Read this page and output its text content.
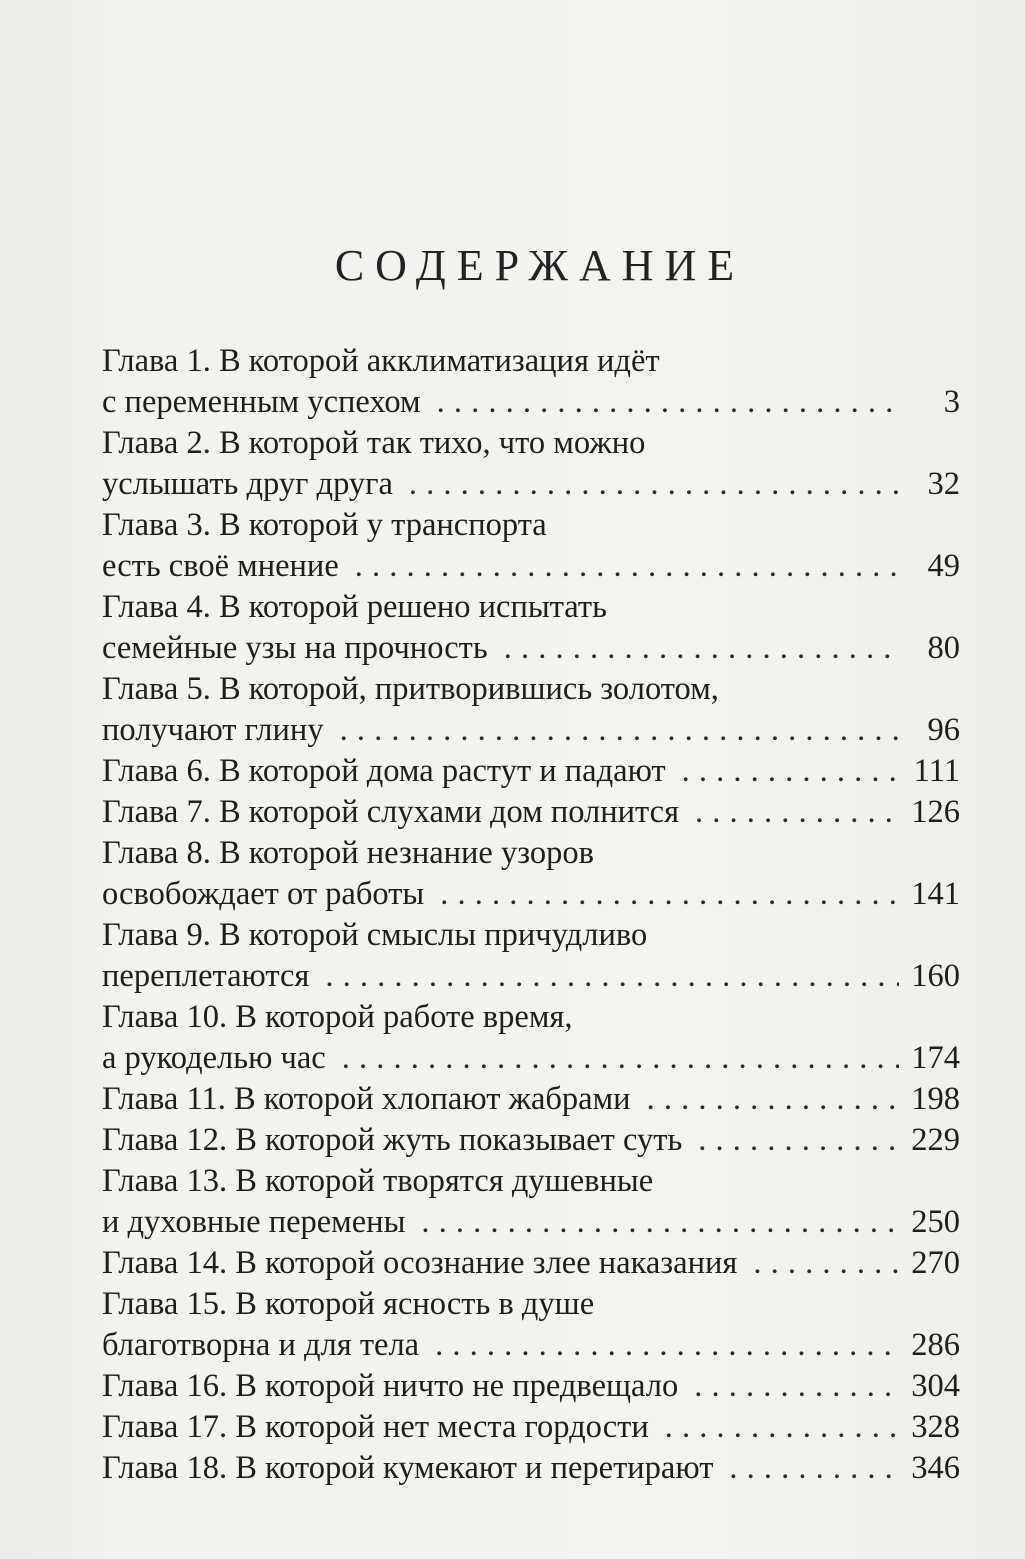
СОДЕРЖАНИЕ
Глава 1. В которой акклиматизация идёт
с переменным успехом . . .	3
Глава 2. В которой так тихо, что можно
услышать друг друга . . .	32
Глава 3. В которой у транспорта
есть своё мнение . . .	49
Глава 4. В которой решено испытать
семейные узы на прочность . . .	80
Глава 5. В которой, притворившись золотом,
получают глину . . .	96
Глава 6. В которой дома растут и падают . . .	111
Глава 7. В которой слухами дом полнится . . .	126
Глава 8. В которой незнание узоров
освобождает от работы . . .	141
Глава 9. В которой смыслы причудливо
переплетаются . . .	160
Глава 10. В которой работе время,
а рукоделью час . . .	174
Глава 11. В которой хлопают жабрами . . .	198
Глава 12. В которой жуть показывает суть . . .	229
Глава 13. В которой творятся душевные
и духовные перемены . . .	250
Глава 14. В которой осознание злее наказания . . .	270
Глава 15. В которой ясность в душе
благотворна и для тела . . .	286
Глава 16. В которой ничто не предвещало . . .	304
Глава 17. В которой нет места гордости . . .	328
Глава 18. В которой кумекают и перетирают . . .	346
